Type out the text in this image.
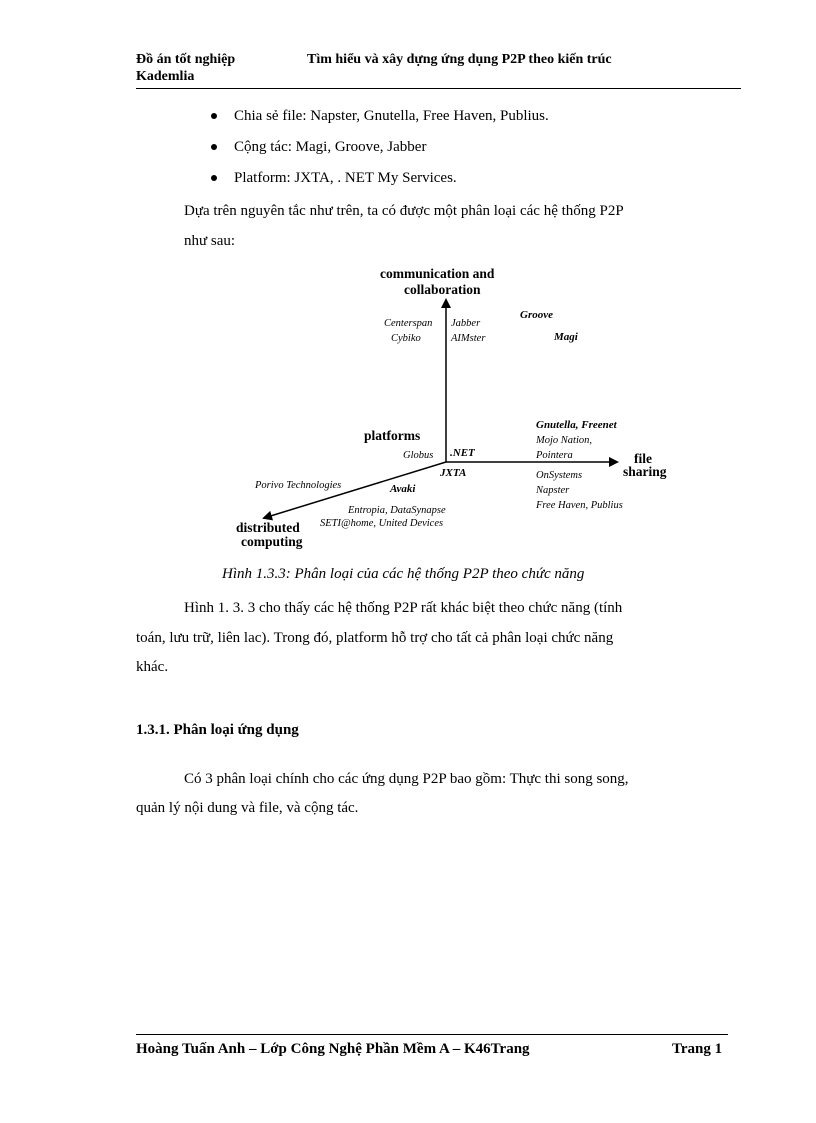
Đồ án tốt nghiệp	Tìm hiểu và xây dựng ứng dụng P2P theo kiến trúc
Kademlia
Chia sẻ file: Napster, Gnutella, Free Haven, Publius.
Cộng tác: Magi, Groove, Jabber
Platform: JXTA, . NET My Services.
Dựa trên nguyên tắc như trên, ta có được một phân loại các hệ thống P2P
như sau:
communication and
collaboration
file
sharing
distributed
computing
platforms
Centerspan
Cybiko
Jabber
AIMster
Groove
Magi
Gnutella, Freenet
Mojo Nation,
Pointera
Globus .NET
JXTA	OnSystems
Napster
Free Haven, Publius
Porivo Technologies	Avaki
Entropia, DataSynapse
SETI@home, United Devices
Hình 1.3.3: Phân loại của các hệ thống P2P theo chức năng
Hình 1. 3. 3 cho thấy các hệ thống P2P rất khác biệt theo chức năng (tính
toán, lưu trữ, liên lac). Trong đó, platform hỗ trợ cho tất cả phân loại chức năng
khác.
1.3.1. Phân loại ứng dụng
Có 3 phân loại chính cho các ứng dụng P2P bao gồm: Thực thi song song,
quản lý nội dung và file, và cộng tác.
Hoàng Tuấn Anh – Lớp Công Nghệ Phần Mềm A – K46Trang	Trang 1
